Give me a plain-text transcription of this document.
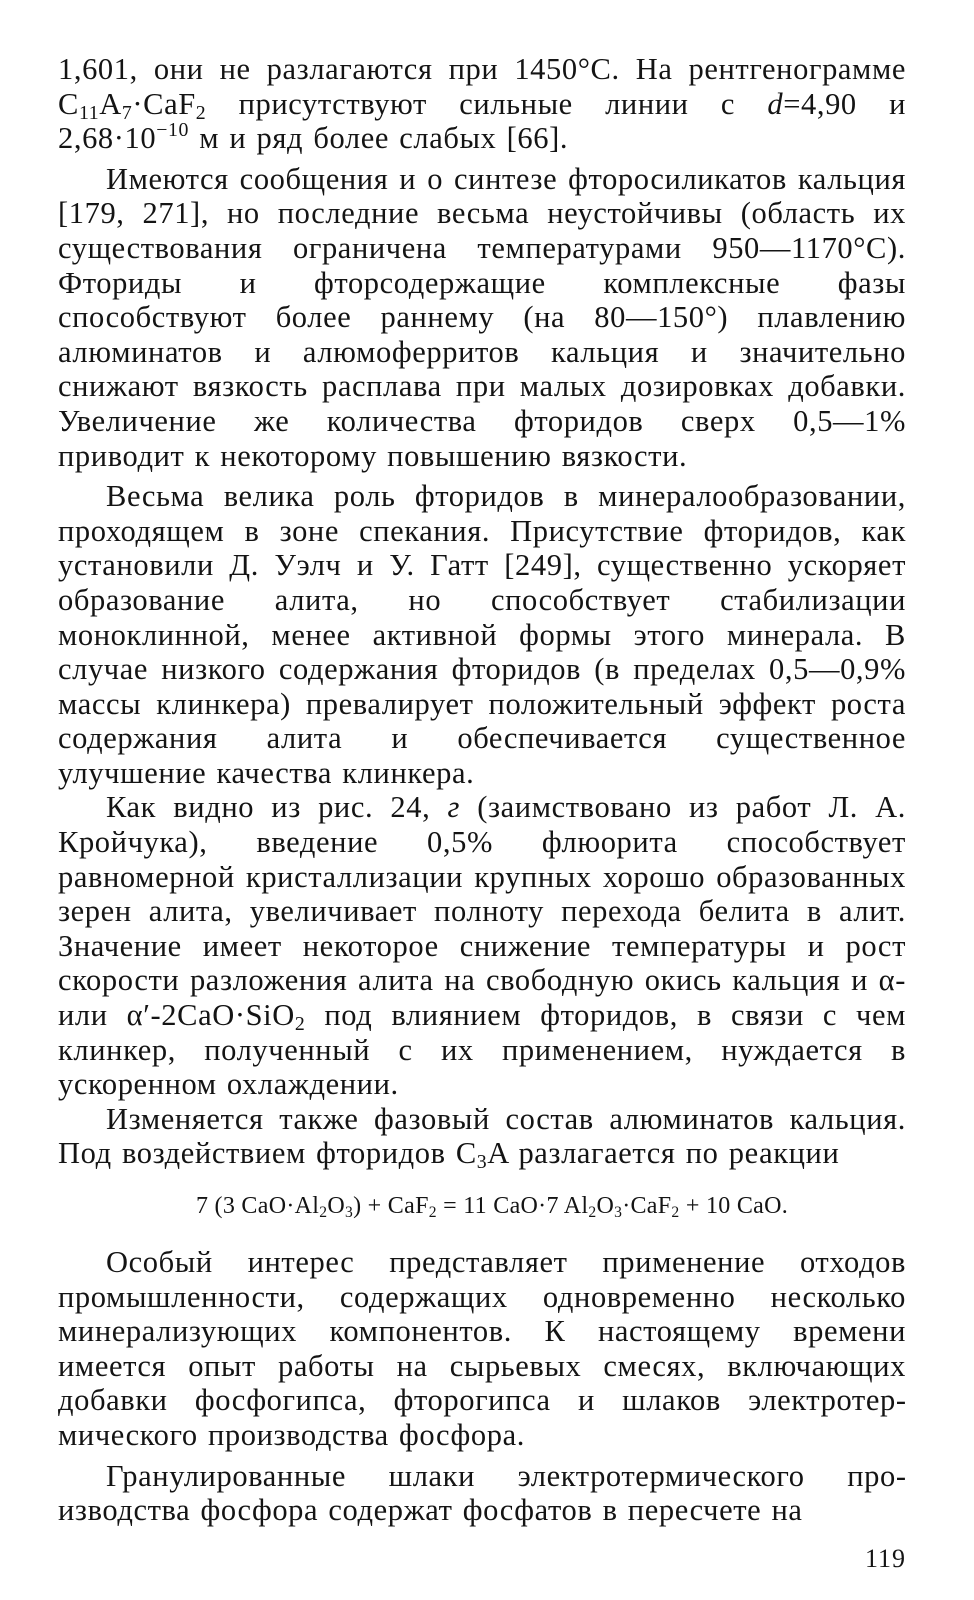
1,601, они не разлагаются при 1450°C. На рентгенограмме $C_{11}A_7\cdot CaF_2$ присутствуют сильные линии с d=4,90 и $2,68\cdot 10^{-10}$ м и ряд более слабых [66].

Имеются сообщения и о синтезе фторосиликатов кальция [179, 271], но последние весьма неустойчивы (область их существования ограничена температурами 950—1170°C). Фториды и фторсодержащие комплексные фазы способствуют более раннему (на 80—150°) плавлению алюминатов и алюмоферритов кальция и значительно снижают вязкость расплава при малых дозировках добавки. Увеличение же количества фторидов сверх 0,5—1% приводит к некоторому повышению вязкости.

Весьма велика роль фторидов в минералообразовании, проходящем в зоне спекания. Присутствие фторидов, как установили Д. Уэлч и У. Гатт [249], существенно ускоряет образование алита, но способствует стабилизации моноклинной, менее активной формы этого минерала. В случае низкого содержания фторидов (в пределах 0,5—0,9% массы клинкера) превалирует положительный эффект роста содержания алита и обеспечивается существенное улучшение качества клинкера.

Как видно из рис. 24, г (заимствовано из работ Л. А. Кройчука), введение 0,5% флюорита способствует равномерной кристаллизации крупных хорошо образованных зерен алита, увеличивает полноту перехода белита в алит. Значение имеет некоторое снижение температуры и рост скорости разложения алита на свободную окись кальция и α- или α′-2CaO·SiO$_2$ под влиянием фторидов, в связи с чем клинкер, полученный с их применением, нуждается в ускоренном охлаждении.

Изменяется также фазовый состав алюминатов кальция. Под воздействием фторидов $C_3A$ разлагается по реакции

7 (3 $CaO\cdot Al_2O_3) + CaF_2 = 11$ CaO·7 $Al_2O_3\cdot CaF_2 + 10$ CaO.

Особый интерес представляет применение отходов промышленности, содержащих одновременно несколько минерализующих компонентов. К настоящему времени имеется опыт работы на сырьевых смесях, включающих добавки фосфогипса, фторогипса и шлаков электротермического производства фосфора.

Гранулированные шлаки электротермического производства фосфора содержат фосфатов в пересчете на

119
